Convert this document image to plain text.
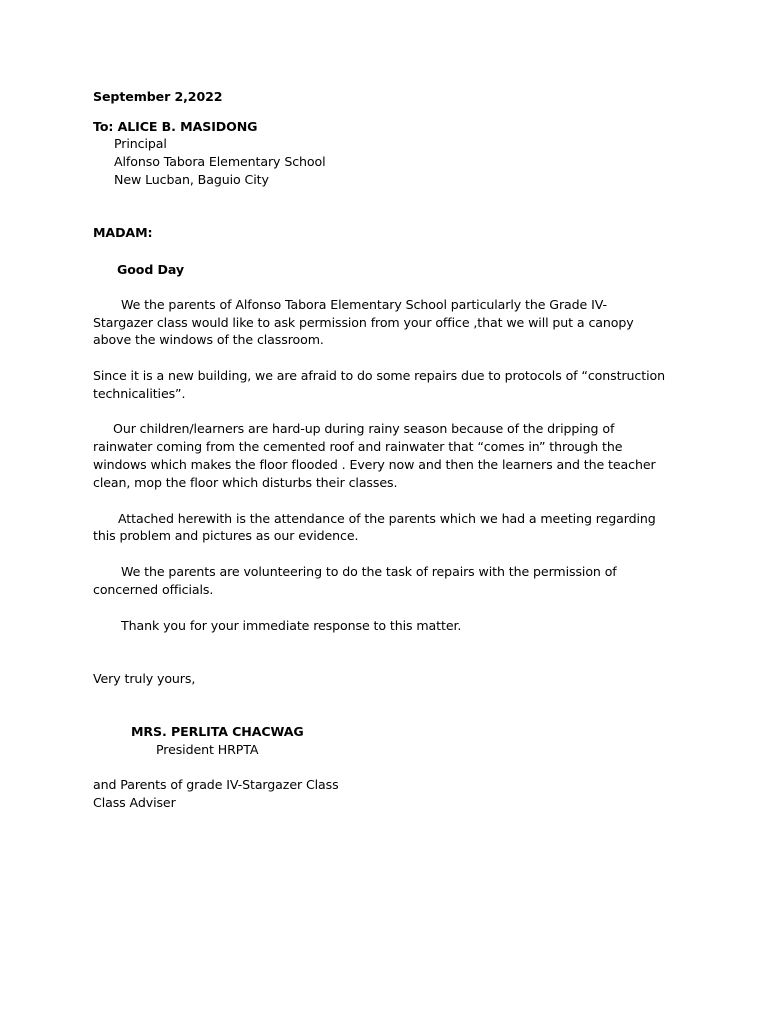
September 2,2022
To: ALICE B. MASIDONG
Principal
Alfonso Tabora Elementary School
New Lucban, Baguio City
MADAM:
Good Day
We the parents of Alfonso Tabora Elementary School particularly the Grade IV-
Stargazer class would like to ask permission from your office ,that we will put a canopy
above the windows of the classroom.
Since it is a new building, we are afraid to do some repairs due to protocols of “construction
technicalities”.
Our children/learners are hard-up during rainy season because of the dripping of
rainwater coming from the cemented roof and rainwater that “comes in” through the
windows which makes the floor flooded . Every now and then the learners and the teacher
clean, mop the floor which disturbs their classes.
Attached herewith is the attendance of the parents which we had a meeting regarding
this problem and pictures as our evidence.
We the parents are volunteering to do the task of repairs with the permission of
concerned officials.
Thank you for your immediate response to this matter.
Very truly yours,
MRS. PERLITA CHACWAG
President HRPTA
and Parents of grade IV-Stargazer Class
Class Adviser
